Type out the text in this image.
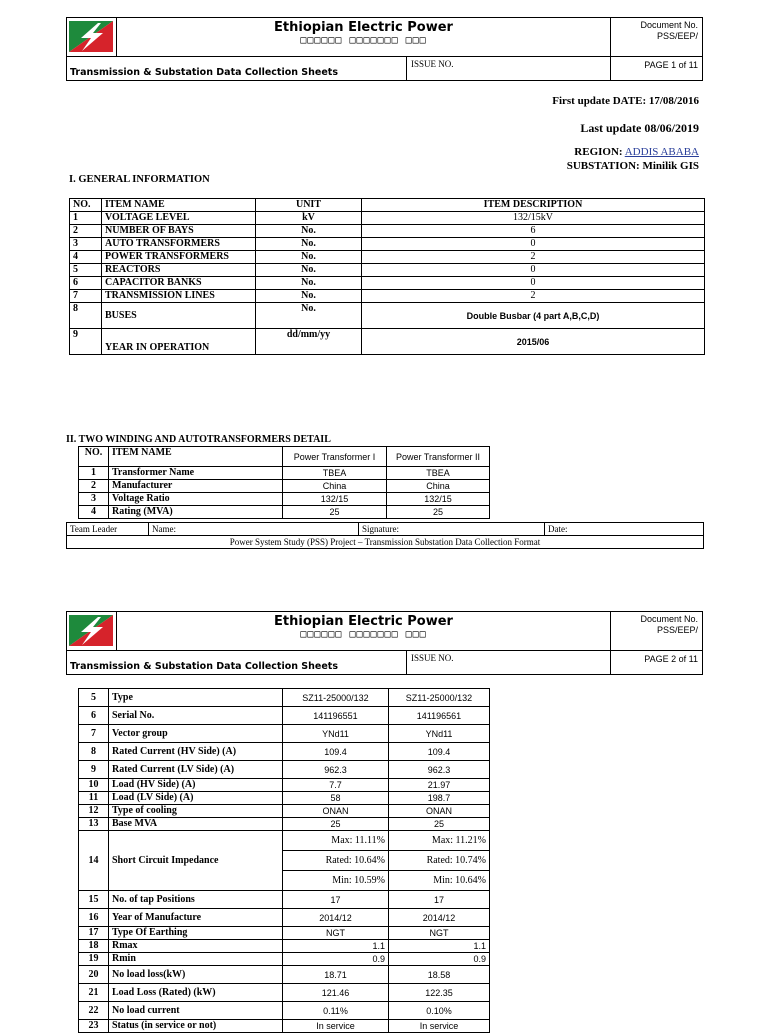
Ethiopian Electric Power
□□□□□□ □□□□□□□ □□□
Document No.
PSS/EEP/
Transmission & Substation Data Collection Sheets
ISSUE NO.	PAGE 1 of 11
First update DATE: 17/08/2016
Last update 08/06/2019
REGION: ADDIS ABABA
SUBSTATION: Minilik GIS
I. GENERAL INFORMATION
NO.	ITEM NAME	UNIT	ITEM DESCRIPTION
1	VOLTAGE LEVEL	kV	132/15kV
2	NUMBER OF BAYS	No.	6
3	AUTO TRANSFORMERS	No.	0
4	POWER TRANSFORMERS	No.	2
5	REACTORS	No.	0
6	CAPACITOR BANKS	No.	0
7	TRANSMISSION LINES	No.	2
8	BUSES	No.	Double Busbar (4 part A,B,C,D)
9	YEAR IN OPERATION	dd/mm/yy	2015/06
II. TWO WINDING AND AUTOTRANSFORMERS DETAIL
NO.	ITEM NAME	Power Transformer I	Power Transformer II
1	Transformer Name	TBEA	TBEA
2	Manufacturer	China	China
3	Voltage Ratio	132/15	132/15
4	Rating (MVA)	25	25
Team Leader	Name:	Signature:	Date:
Power System Study (PSS) Project – Transmission Substation Data Collection Format
Ethiopian Electric Power
□□□□□□ □□□□□□□ □□□
Document No.
PSS/EEP/
Transmission & Substation Data Collection Sheets
ISSUE NO.	PAGE 2 of 11
5	Type	SZ11-25000/132	SZ11-25000/132
6	Serial No.	141196551	141196561
7	Vector group	YNd11	YNd11
8	Rated Current (HV Side) (A)	109.4	109.4
9	Rated Current (LV Side) (A)	962.3	962.3
10	Load (HV Side) (A)	7.7	21.97
11	Load (LV Side) (A)	58	198.7
12	Type of cooling	ONAN	ONAN
13	Base MVA	25	25
14	Short Circuit Impedance	Max: 11.11%	Max: 11.21%
		Rated: 10.64%	Rated: 10.74%
		Min: 10.59%	Min: 10.64%
15	No. of tap Positions	17	17
16	Year of Manufacture	2014/12	2014/12
17	Type Of Earthing	NGT	NGT
18	Rmax	1.1	1.1
19	Rmin	0.9	0.9
20	No load loss(kW)	18.71	18.58
21	Load Loss (Rated) (kW)	121.46	122.35
22	No load current	0.11%	0.10%
23	Status (in service or not)	In service	In service
